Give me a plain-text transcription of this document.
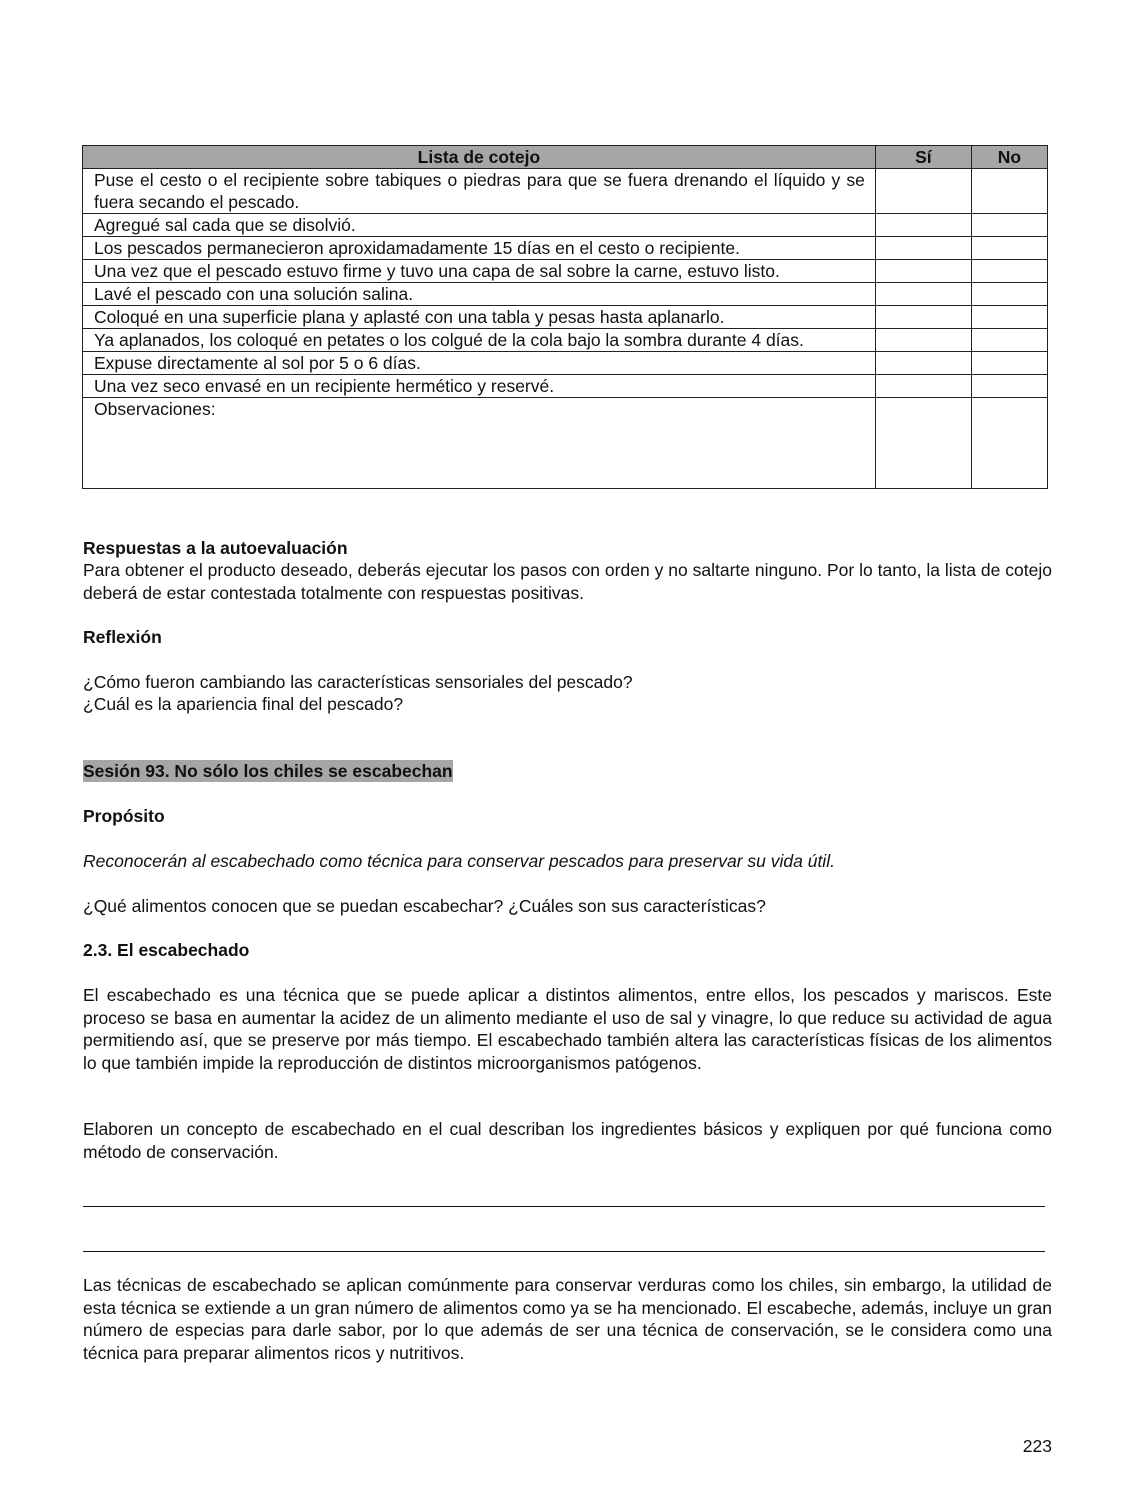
Lista de cotejo	Sí	No
Puse el cesto o el recipiente sobre tabiques o piedras para que se fuera drenando el líquido y se fuera secando el pescado.		
Agregué sal cada que se disolvió.		
Los pescados permanecieron aproxidamadamente 15 días en el cesto o recipiente.		
Una vez que el pescado estuvo firme y tuvo una capa de sal sobre la carne, estuvo listo.		
Lavé el pescado con una solución salina.		
Coloqué en una superficie plana y aplasté con una tabla y pesas hasta aplanarlo.		
Ya aplanados, los coloqué en petates o los colgué de la cola bajo la sombra durante 4 días.		
Expuse directamente al sol por 5 o 6 días.		
Una vez seco envasé en un recipiente hermético y reservé.		
Observaciones:		
Respuestas a la autoevaluación
Para obtener el producto deseado, deberás ejecutar los pasos con orden y no saltarte ninguno. Por lo tanto, la lista de cotejo deberá de estar contestada totalmente con respuestas positivas.
Reflexión
¿Cómo fueron cambiando las características sensoriales del pescado?
¿Cuál es la apariencia final del pescado?
Sesión 93. No sólo los chiles se escabechan
Propósito
Reconocerán al escabechado como técnica para conservar pescados para preservar su vida útil.
¿Qué alimentos conocen que se puedan escabechar? ¿Cuáles son sus características?
2.3. El escabechado
El escabechado es una técnica que se puede aplicar a distintos alimentos, entre ellos, los pescados y mariscos. Este proceso se basa en aumentar la acidez de un alimento mediante el uso de sal y vinagre, lo que reduce su actividad de agua permitiendo así, que se preserve por más tiempo. El escabechado también altera las características físicas de los alimentos lo que también impide la reproducción de distintos microorganismos patógenos.
Elaboren un concepto de escabechado en el cual describan los ingredientes básicos y expliquen por qué funciona como método de conservación.
Las técnicas de escabechado se aplican comúnmente para conservar verduras como los chiles, sin embargo, la utilidad de esta técnica se extiende a un gran número de alimentos como ya se ha mencionado. El escabeche, además, incluye un gran número de especias para darle sabor, por lo que además de ser una técnica de conservación, se le considera como una técnica para preparar alimentos ricos y nutritivos.
223
